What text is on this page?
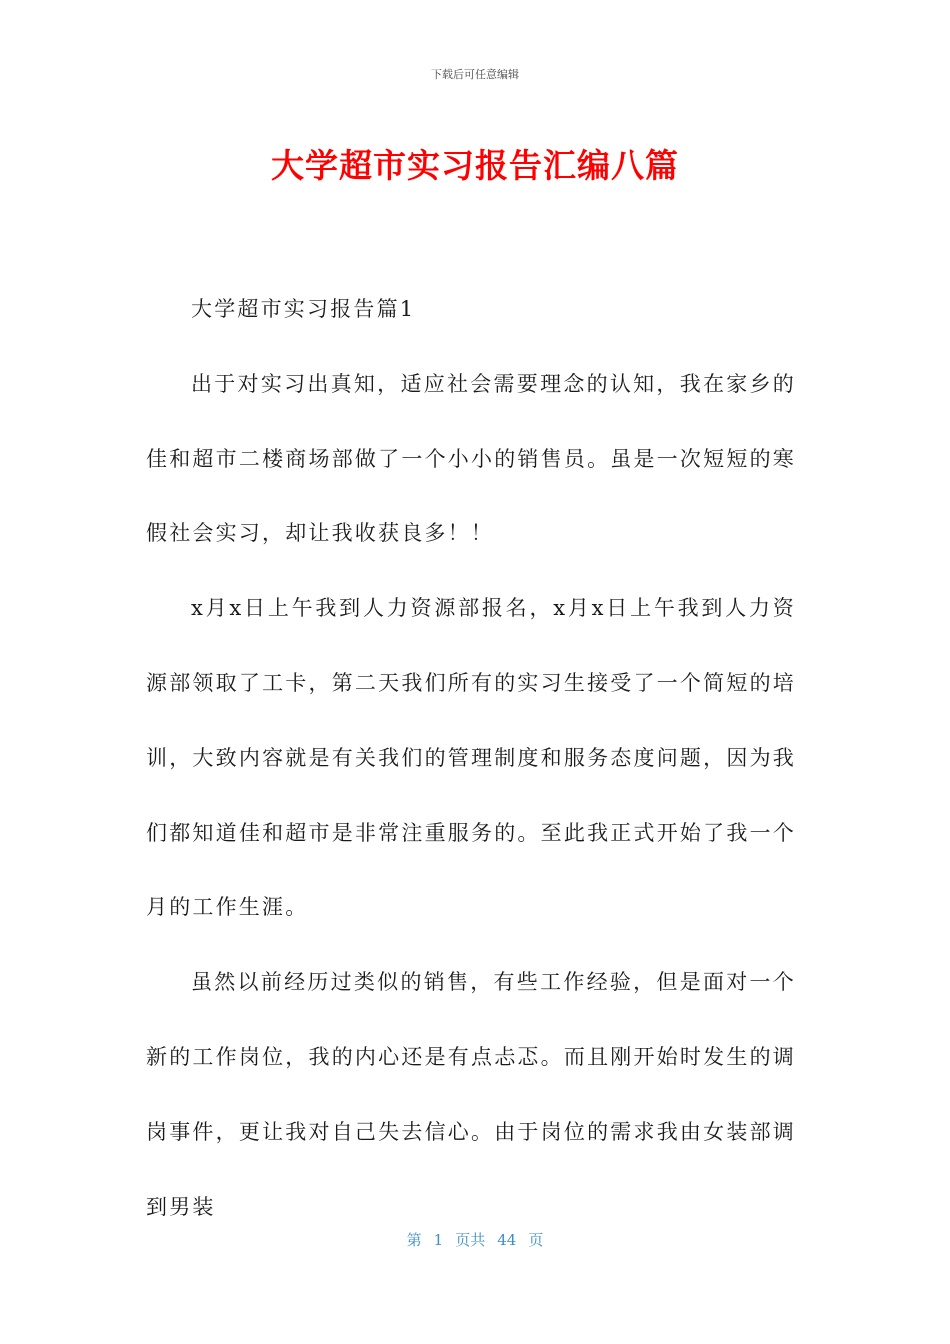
下载后可任意编辑
大学超市实习报告汇编八篇

大学超市实习报告篇1

出于对实习出真知，适应社会需要理念的认知，我在家乡的佳和超市二楼商场部做了一个小小的销售员。虽是一次短短的寒假社会实习，却让我收获良多！！

x月x日上午我到人力资源部报名，x月x日上午我到人力资源部领取了工卡，第二天我们所有的实习生接受了一个简短的培训，大致内容就是有关我们的管理制度和服务态度问题，因为我们都知道佳和超市是非常注重服务的。至此我正式开始了我一个月的工作生涯。

虽然以前经历过类似的销售，有些工作经验，但是面对一个新的工作岗位，我的内心还是有点忐忑。而且刚开始时发生的调岗事件，更让我对自己失去信心。由于岗位的需求我由女装部调到男装

第 1 页共 44 页
